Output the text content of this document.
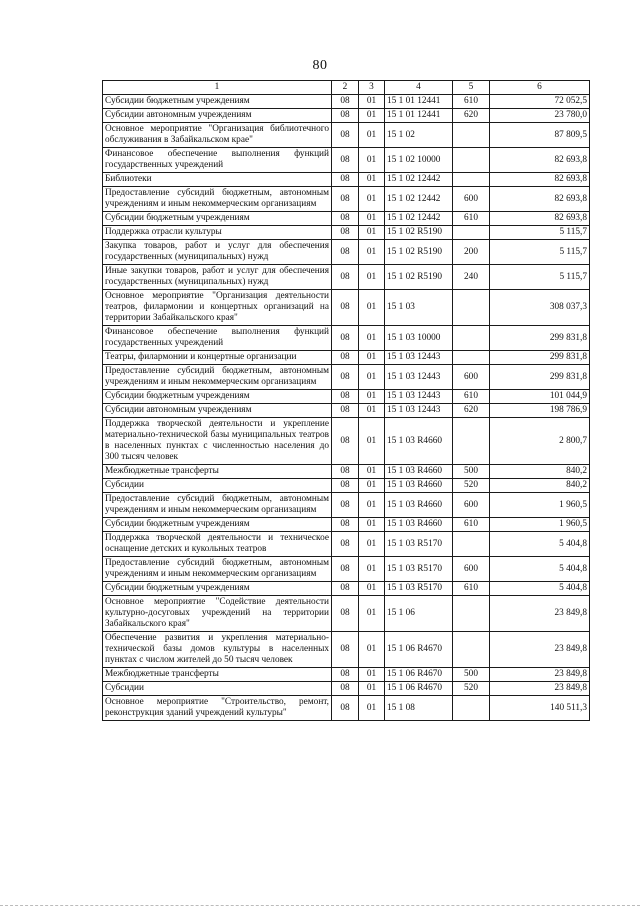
80
1	2	3	4	5	6
Субсидии бюджетным учреждениям	08	01	15 1 01 12441	610	72 052,5
Субсидии автономным учреждениям	08	01	15 1 01 12441	620	23 780,0
Основное мероприятие "Организация библиотечного обслуживания в Забайкальском крае"	08	01	15 1 02		87 809,5
Финансовое обеспечение выполнения функций государственных учреждений	08	01	15 1 02 10000		82 693,8
Библиотеки	08	01	15 1 02 12442		82 693,8
Предоставление субсидий бюджетным, автономным учреждениям и иным некоммерческим организациям	08	01	15 1 02 12442	600	82 693,8
Субсидии бюджетным учреждениям	08	01	15 1 02 12442	610	82 693,8
Поддержка отрасли культуры	08	01	15 1 02 R5190		5 115,7
Закупка товаров, работ и услуг для обеспечения государственных (муниципальных) нужд	08	01	15 1 02 R5190	200	5 115,7
Иные закупки товаров, работ и услуг для обеспечения государственных (муниципальных) нужд	08	01	15 1 02 R5190	240	5 115,7
Основное мероприятие "Организация деятельности театров, филармонии и концертных организаций на территории Забайкальского края"	08	01	15 1 03		308 037,3
Финансовое обеспечение выполнения функций государственных учреждений	08	01	15 1 03 10000		299 831,8
Театры, филармонии и концертные организации	08	01	15 1 03 12443		299 831,8
Предоставление субсидий бюджетным, автономным учреждениям и иным некоммерческим организациям	08	01	15 1 03 12443	600	299 831,8
Субсидии бюджетным учреждениям	08	01	15 1 03 12443	610	101 044,9
Субсидии автономным учреждениям	08	01	15 1 03 12443	620	198 786,9
Поддержка творческой деятельности и укрепление материально-технической базы муниципальных театров в населенных пунктах с численностью населения до 300 тысяч человек	08	01	15 1 03 R4660		2 800,7
Межбюджетные трансферты	08	01	15 1 03 R4660	500	840,2
Субсидии	08	01	15 1 03 R4660	520	840,2
Предоставление субсидий бюджетным, автономным учреждениям и иным некоммерческим организациям	08	01	15 1 03 R4660	600	1 960,5
Субсидии бюджетным учреждениям	08	01	15 1 03 R4660	610	1 960,5
Поддержка творческой деятельности и техническое оснащение детских и кукольных театров	08	01	15 1 03 R5170		5 404,8
Предоставление субсидий бюджетным, автономным учреждениям и иным некоммерческим организациям	08	01	15 1 03 R5170	600	5 404,8
Субсидии бюджетным учреждениям	08	01	15 1 03 R5170	610	5 404,8
Основное мероприятие "Содействие деятельности культурно-досуговых учреждений на территории Забайкальского края"	08	01	15 1 06		23 849,8
Обеспечение развития и укрепления материально-технической базы домов культуры в населенных пунктах с числом жителей до 50 тысяч человек	08	01	15 1 06 R4670		23 849,8
Межбюджетные трансферты	08	01	15 1 06 R4670	500	23 849,8
Субсидии	08	01	15 1 06 R4670	520	23 849,8
Основное мероприятие "Строительство, ремонт, реконструкция зданий учреждений культуры"	08	01	15 1 08		140 511,3
